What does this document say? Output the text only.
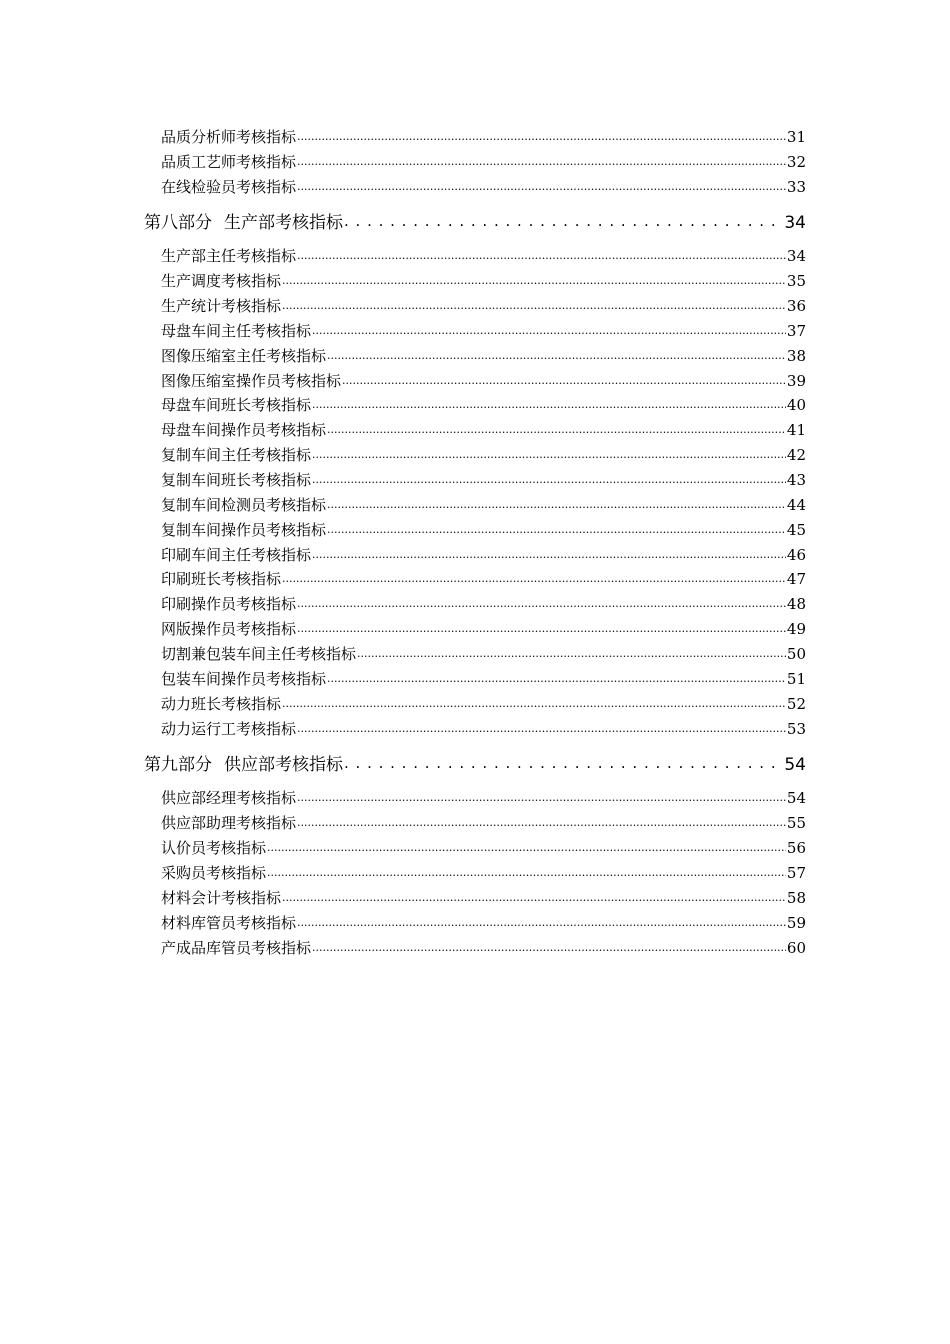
品质分析师考核指标 .....	31
品质工艺师考核指标 .....	32
在线检验员考核指标 .....	33
第八部分 生产部考核指标 . . .	34
生产部主任考核指标 .....	34
生产调度考核指标 .....	35
生产统计考核指标 .....	36
母盘车间主任考核指标 .....	37
图像压缩室主任考核指标 .....	38
图像压缩室操作员考核指标 .....	39
母盘车间班长考核指标 .....	40
母盘车间操作员考核指标 .....	41
复制车间主任考核指标 .....	42
复制车间班长考核指标 .....	43
复制车间检测员考核指标 .....	44
复制车间操作员考核指标 .....	45
印刷车间主任考核指标 .....	46
印刷班长考核指标 .....	47
印刷操作员考核指标 .....	48
网版操作员考核指标 .....	49
切割兼包装车间主任考核指标 .....	50
包装车间操作员考核指标 .....	51
动力班长考核指标 .....	52
动力运行工考核指标 .....	53
第九部分 供应部考核指标 . . .	54
供应部经理考核指标 .....	54
供应部助理考核指标 .....	55
认价员考核指标 .....	56
采购员考核指标 .....	57
材料会计考核指标 .....	58
材料库管员考核指标 .....	59
产成品库管员考核指标 .....	60
